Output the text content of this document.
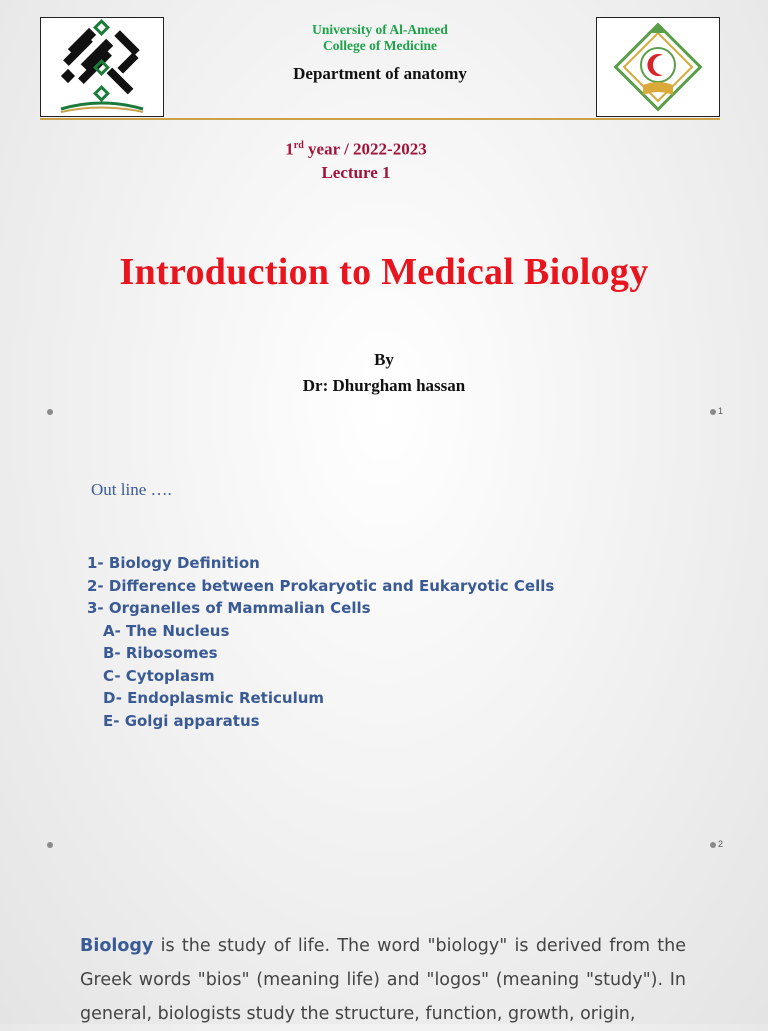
University of Al-Ameed
College of Medicine
Department of anatomy
1rd year / 2022-2023
Lecture 1
Introduction to Medical Biology
By
Dr: Dhurgham hassan
1
Out line ….
1- Biology Definition
2- Difference between Prokaryotic and Eukaryotic Cells
3- Organelles of Mammalian Cells
A- The Nucleus
B- Ribosomes
C- Cytoplasm
D- Endoplasmic Reticulum
E- Golgi apparatus
2

Biology is the study of life. The word "biology" is derived from the Greek words "bios" (meaning life) and "logos" (meaning "study"). In general, biologists study the structure, function, growth, origin,
